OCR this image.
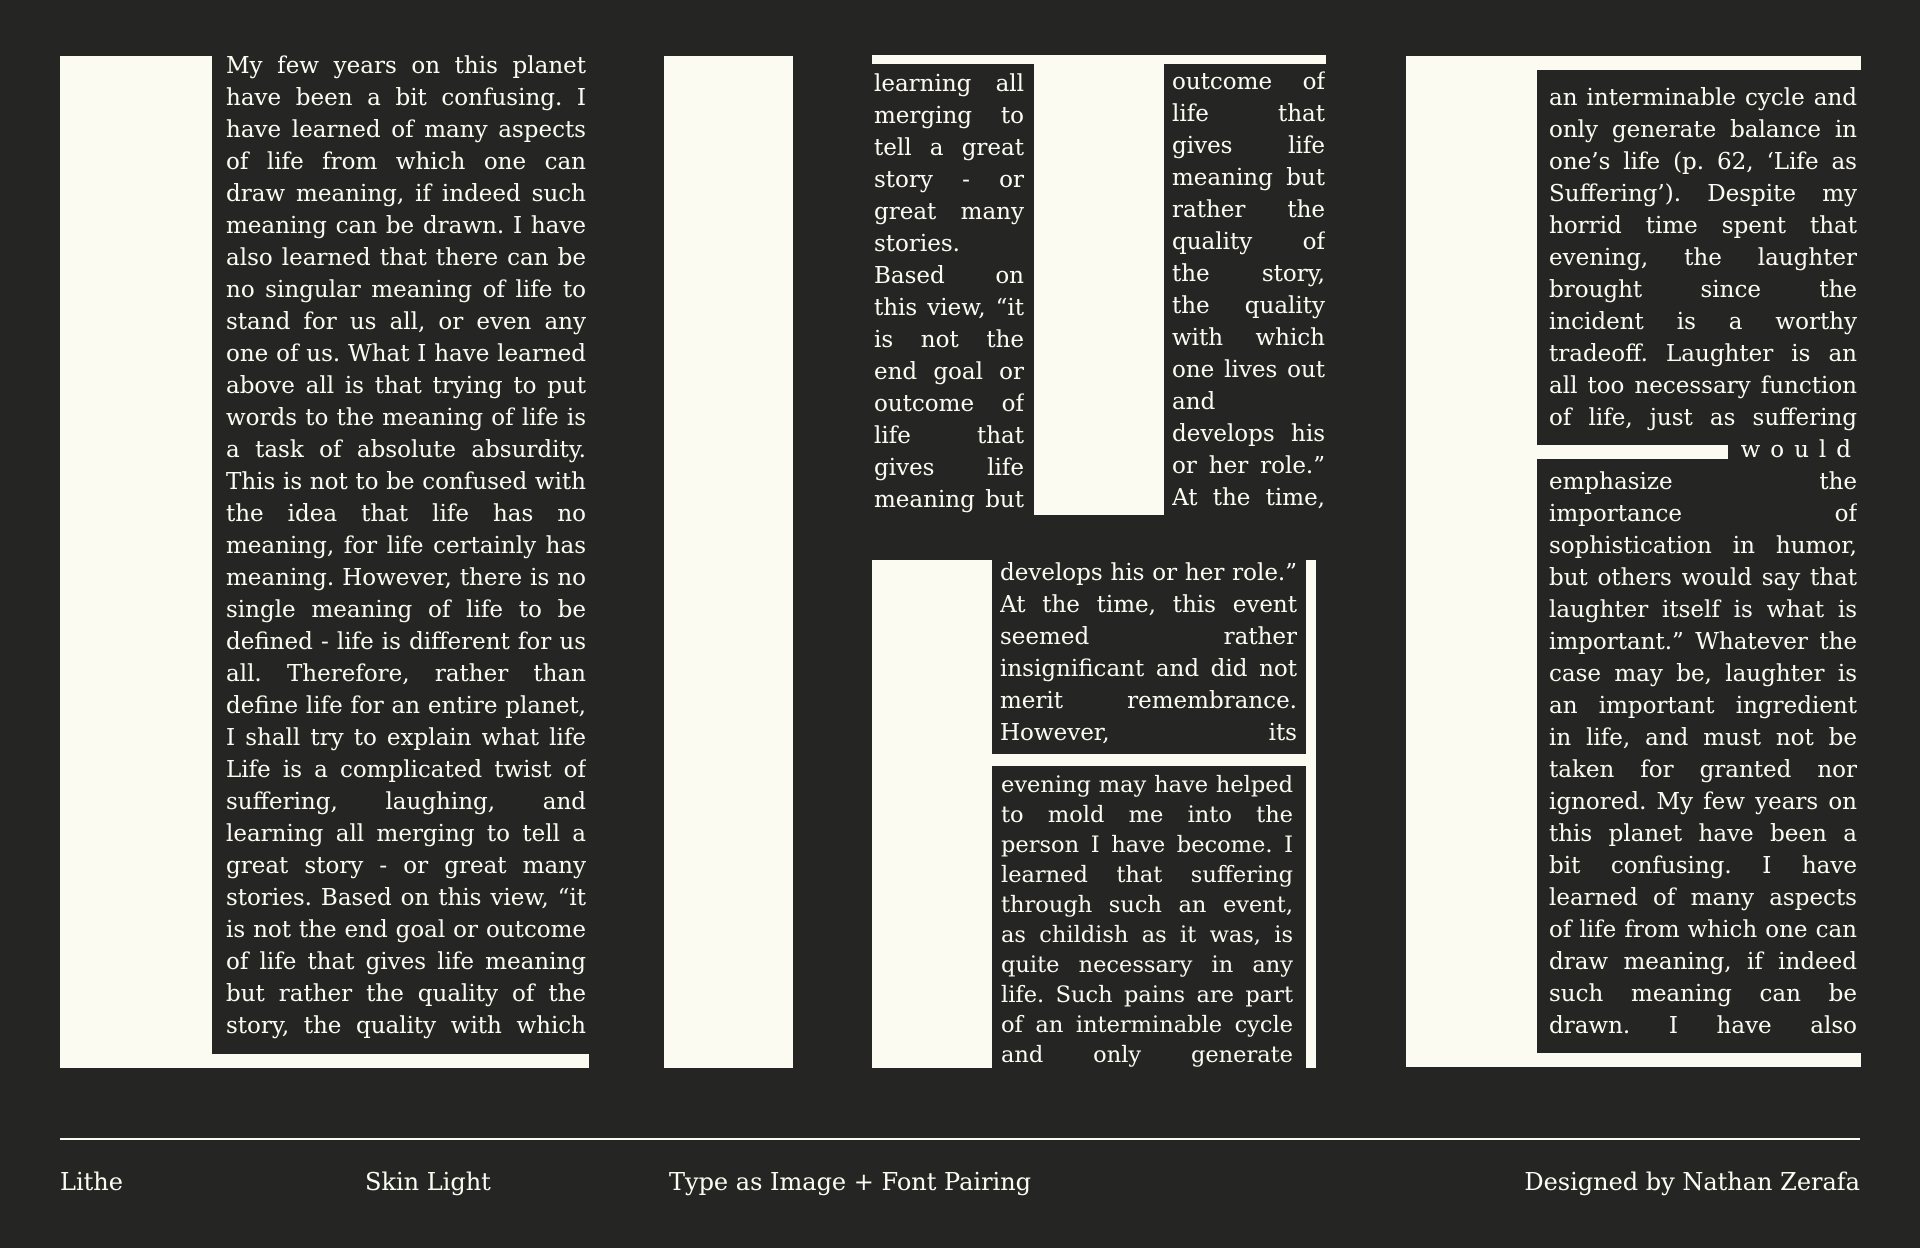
My few years on this planet have been a bit confusing. I have learned of many aspects of life from which one can draw meaning, if indeed such meaning can be drawn. I have also learned that there can be no singular meaning of life to stand for us all, or even any one of us. What I have learned above all is that trying to put words to the meaning of life is a task of absolute absurdity. This is not to be confused with the idea that life has no meaning, for life certainly has meaning. However, there is no single meaning of life to be defined - life is different for us all. Therefore, rather than define life for an entire planet, I shall try to explain what life
Life is a complicated twist of suffering, laughing, and learning all merging to tell a great story - or great many stories. Based on this view, “it is not the end goal or outcome of life that gives life meaning but rather the quality of the story, the quality with which
learning all merging to tell a great story - or great many stories. Based on this view, “it is not the end goal or outcome of life that gives life meaning but
outcome of life that gives life meaning but rather the quality of the story, the quality with which one lives out and develops his or her role.” At the time,
develops his or her role.” At the time, this event seemed rather insignificant and did not merit remembrance. However, its
evening may have helped to mold me into the person I have become. I learned that suffering through such an event, as childish as it was, is quite necessary in any life. Such pains are part of an interminable cycle and only generate
an interminable cycle and only generate balance in one’s life (p. 62, ‘Life as Suffering’). Despite my horrid time spent that evening, the laughter brought since the incident is a worthy tradeoff. Laughter is an all too necessary function of life, just as suffering
would
emphasize the importance of sophistication in humor, but others would say that laughter itself is what is important.” Whatever the case may be, laughter is an important ingredient in life, and must not be taken for granted nor ignored. My few years on this planet have been a bit confusing. I have learned of many aspects of life from which one can draw meaning, if indeed such meaning can be drawn. I have also
Lithe	Skin Light	Type as Image + Font Pairing	Designed by Nathan Zerafa
